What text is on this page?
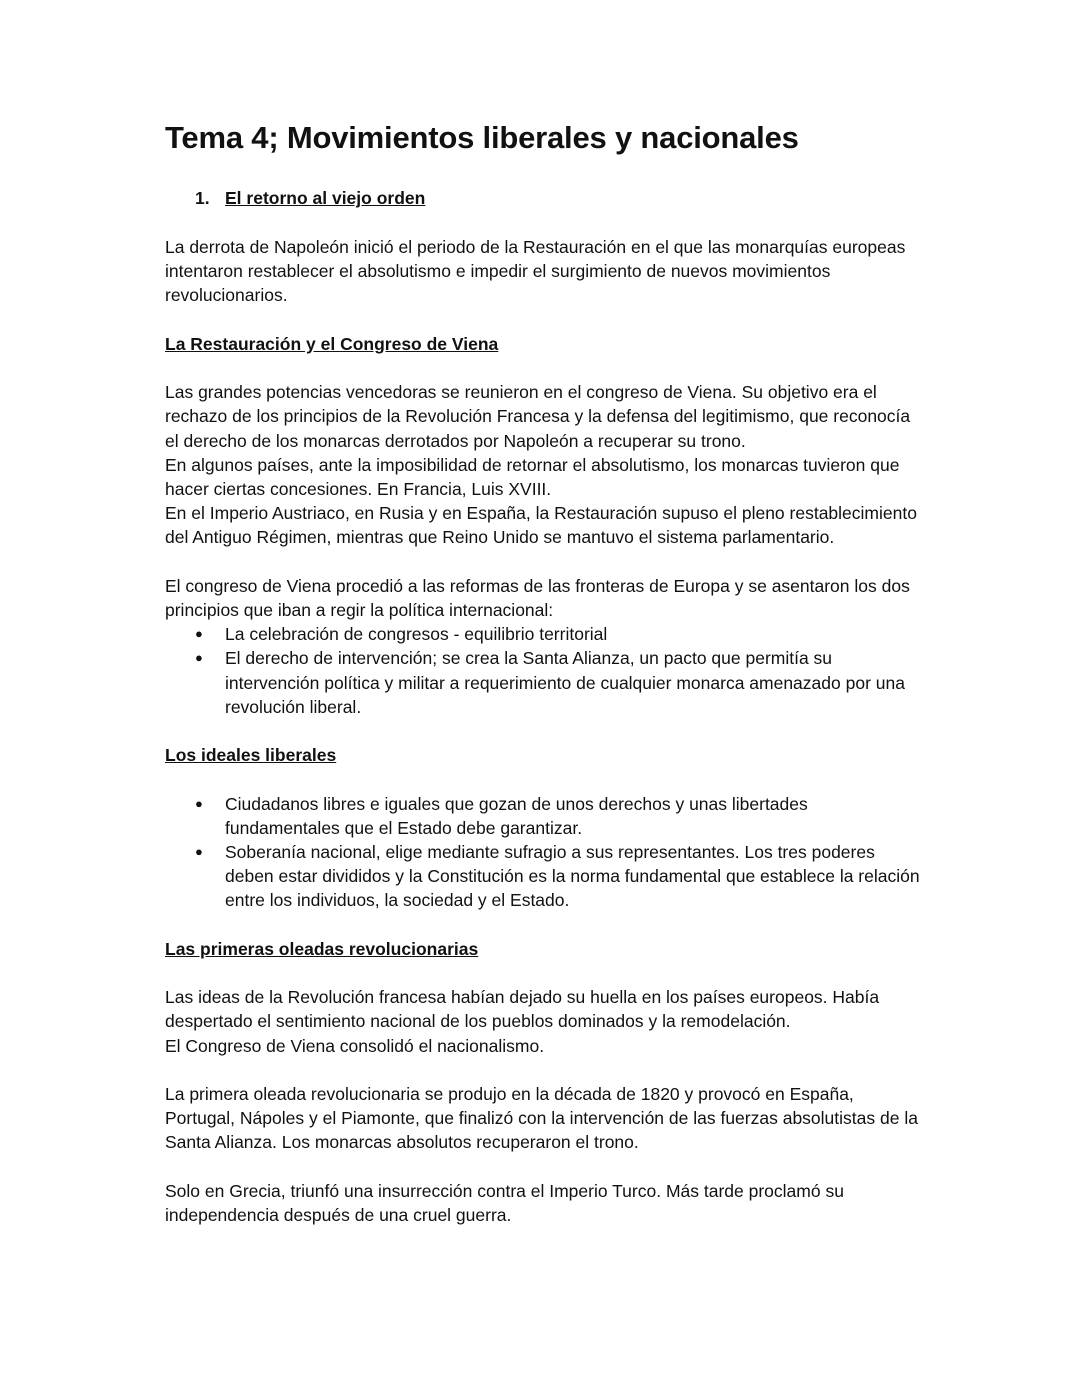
Tema 4; Movimientos liberales y nacionales
1. El retorno al viejo orden

La derrota de Napoleón inició el periodo de la Restauración en el que las monarquías europeas intentaron restablecer el absolutismo e impedir el surgimiento de nuevos movimientos revolucionarios.

La Restauración y el Congreso de Viena

Las grandes potencias vencedoras se reunieron en el congreso de Viena. Su objetivo era el rechazo de los principios de la Revolución Francesa y la defensa del legitimismo, que reconocía el derecho de los monarcas derrotados por Napoleón a recuperar su trono.

En algunos países, ante la imposibilidad de retornar el absolutismo, los monarcas tuvieron que hacer ciertas concesiones. En Francia, Luis XVIII.

En el Imperio Austriaco, en Rusia y en España, la Restauración supuso el pleno restablecimiento del Antiguo Régimen, mientras que Reino Unido se mantuvo el sistema parlamentario.

El congreso de Viena procedió a las reformas de las fronteras de Europa y se asentaron los dos principios que iban a regir la política internacional:

● La celebración de congresos - equilibrio territorial
● El derecho de intervención; se crea la Santa Alianza, un pacto que permitía su intervención política y militar a requerimiento de cualquier monarca amenazado por una revolución liberal.
Los ideales liberales
● Ciudadanos libres e iguales que gozan de unos derechos y unas libertades fundamentales que el Estado debe garantizar.
● Soberanía nacional, elige mediante sufragio a sus representantes. Los tres poderes deben estar divididos y la Constitución es la norma fundamental que establece la relación entre los individuos, la sociedad y el Estado.
Las primeras oleadas revolucionarias

Las ideas de la Revolución francesa habían dejado su huella en los países europeos. Había despertado el sentimiento nacional de los pueblos dominados y la remodelación.

El Congreso de Viena consolidó el nacionalismo.

La primera oleada revolucionaria se produjo en la década de 1820 y provocó en España, Portugal, Nápoles y el Piamonte, que finalizó con la intervención de las fuerzas absolutistas de la Santa Alianza. Los monarcas absolutos recuperaron el trono.

Solo en Grecia, triunfó una insurrección contra el Imperio Turco. Más tarde proclamó su independencia después de una cruel guerra.
